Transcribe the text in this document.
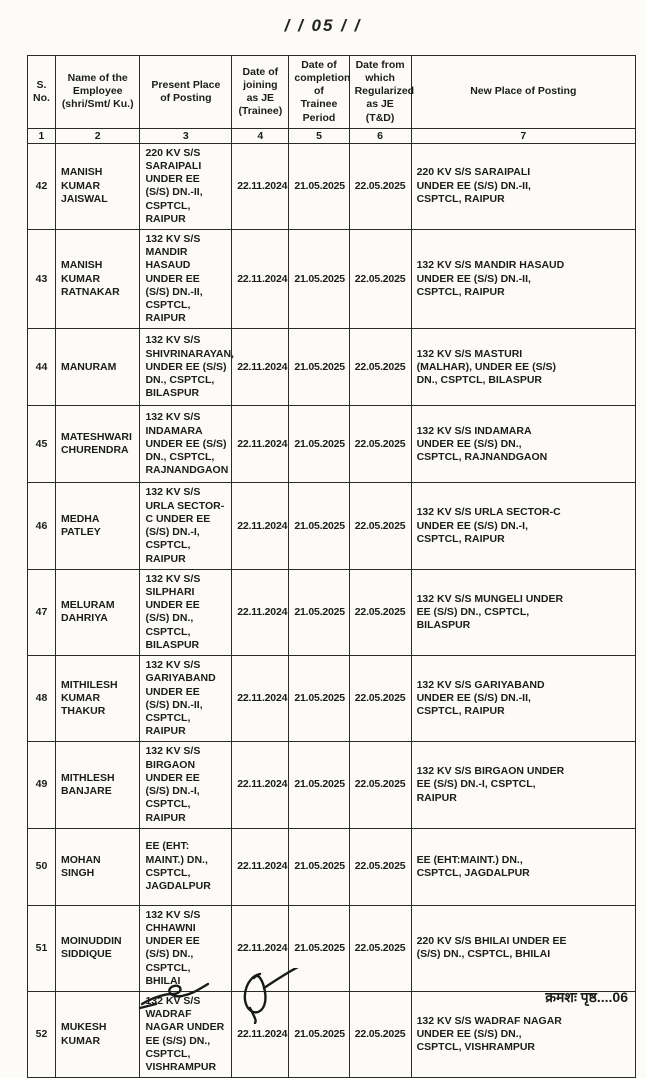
/ / 05 / /
S. No.	Name of the Employee (shri/Smt/ Ku.)	Present Place of Posting	Date of joining as JE (Trainee)	Date of completion of Trainee Period	Date from which Regularized as JE (T&D)	New Place of Posting
1	2	3	4	5	6	7
42	MANISH KUMAR JAISWAL	220 KV S/S SARAIPALI UNDER EE (S/S) DN.-II, CSPTCL, RAIPUR	22.11.2024	21.05.2025	22.05.2025	220 KV S/S SARAIPALI UNDER EE (S/S) DN.-II, CSPTCL, RAIPUR
43	MANISH KUMAR RATNAKAR	132 KV S/S MANDIR HASAUD UNDER EE (S/S) DN.-II, CSPTCL, RAIPUR	22.11.2024	21.05.2025	22.05.2025	132 KV S/S MANDIR HASAUD UNDER EE (S/S) DN.-II, CSPTCL, RAIPUR
44	MANURAM	132 KV S/S SHIVRINARAYAN, UNDER EE (S/S) DN., CSPTCL, BILASPUR	22.11.2024	21.05.2025	22.05.2025	132 KV S/S MASTURI (MALHAR), UNDER EE (S/S) DN., CSPTCL, BILASPUR
45	MATESHWARI CHURENDRA	132 KV S/S INDAMARA UNDER EE (S/S) DN., CSPTCL, RAJNANDGAON	22.11.2024	21.05.2025	22.05.2025	132 KV S/S INDAMARA UNDER EE (S/S) DN., CSPTCL, RAJNANDGAON
46	MEDHA PATLEY	132 KV S/S URLA SECTOR-C UNDER EE (S/S) DN.-I, CSPTCL, RAIPUR	22.11.2024	21.05.2025	22.05.2025	132 KV S/S URLA SECTOR-C UNDER EE (S/S) DN.-I, CSPTCL, RAIPUR
47	MELURAM DAHRIYA	132 KV S/S SILPHARI UNDER EE (S/S) DN., CSPTCL, BILASPUR	22.11.2024	21.05.2025	22.05.2025	132 KV S/S MUNGELI UNDER EE (S/S) DN., CSPTCL, BILASPUR
48	MITHILESH KUMAR THAKUR	132 KV S/S GARIYABAND UNDER EE (S/S) DN.-II, CSPTCL, RAIPUR	22.11.2024	21.05.2025	22.05.2025	132 KV S/S GARIYABAND UNDER EE (S/S) DN.-II, CSPTCL, RAIPUR
49	MITHLESH BANJARE	132 KV S/S BIRGAON UNDER EE (S/S) DN.-I, CSPTCL, RAIPUR	22.11.2024	21.05.2025	22.05.2025	132 KV S/S BIRGAON UNDER EE (S/S) DN.-I, CSPTCL, RAIPUR
50	MOHAN SINGH	EE (EHT: MAINT.) DN., CSPTCL, JAGDALPUR	22.11.2024	21.05.2025	22.05.2025	EE (EHT:MAINT.) DN., CSPTCL, JAGDALPUR
51	MOINUDDIN SIDDIQUE	132 KV S/S CHHAWNI UNDER EE (S/S) DN., CSPTCL, BHILAI	22.11.2024	21.05.2025	22.05.2025	220 KV S/S BHILAI UNDER EE (S/S) DN., CSPTCL, BHILAI
52	MUKESH KUMAR	132 KV S/S WADRAF NAGAR UNDER EE (S/S) DN., CSPTCL, VISHRAMPUR	22.11.2024	21.05.2025	22.05.2025	132 KV S/S WADRAF NAGAR UNDER EE (S/S) DN., CSPTCL, VISHRAMPUR
क्रमशः पृष्ठ....06
